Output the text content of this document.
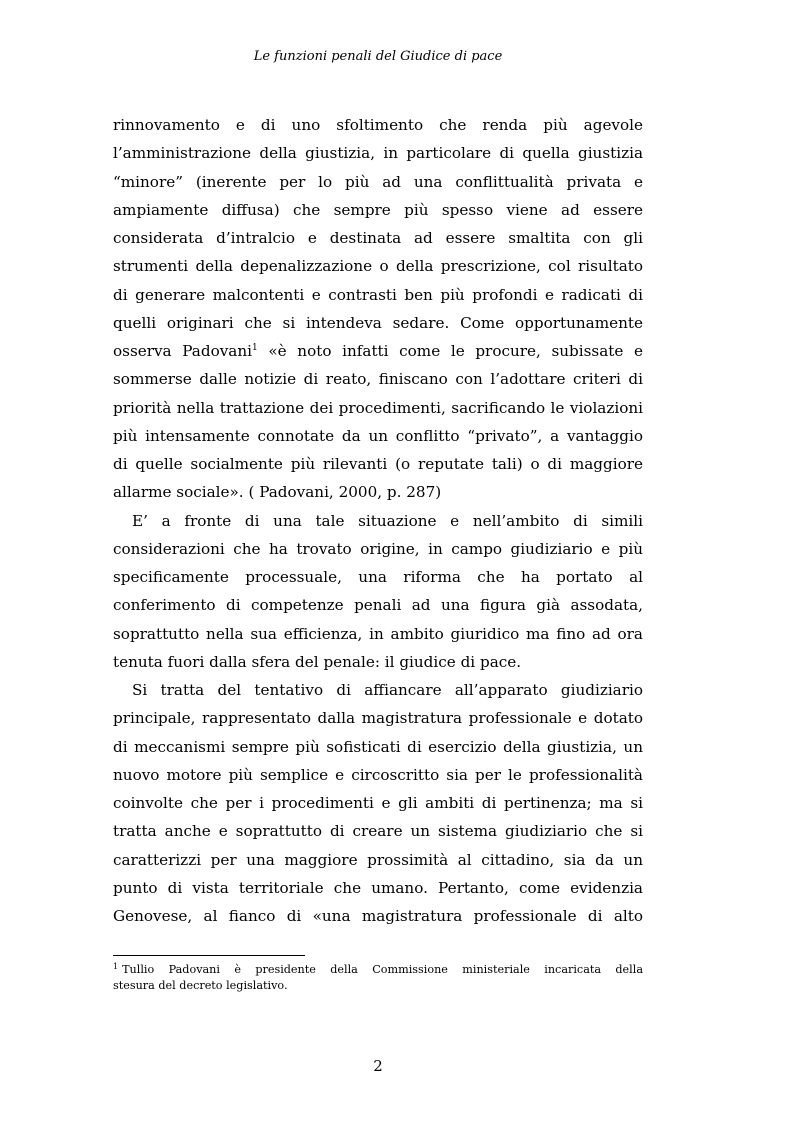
Le funzioni penali del Giudice di pace
rinnovamento e di uno sfoltimento che renda più agevole
l’amministrazione della giustizia, in particolare di quella giustizia
“minore” (inerente per lo più ad una conflittualità privata e
ampiamente diffusa) che sempre più spesso viene ad essere
considerata d’intralcio e destinata ad essere smaltita con gli
strumenti della depenalizzazione o della prescrizione, col risultato
di generare malcontenti e contrasti ben più profondi e radicati di
quelli originari che si intendeva sedare. Come opportunamente
osserva Padovani$^1$ «è noto infatti come le procure, subissate e
sommerse dalle notizie di reato, finiscano con l’adottare criteri di
priorità nella trattazione dei procedimenti, sacrificando le violazioni
più intensamente connotate da un conflitto “privato”, a vantaggio
di quelle socialmente più rilevanti (o reputate tali) o di maggiore
allarme sociale». ( Padovani, 2000, p. 287)
E’ a fronte di una tale situazione e nell’ambito di simili
considerazioni che ha trovato origine, in campo giudiziario e più
specificamente processuale, una riforma che ha portato al
conferimento di competenze penali ad una figura già assodata,
soprattutto nella sua efficienza, in ambito giuridico ma fino ad ora
tenuta fuori dalla sfera del penale: il giudice di pace.
Si tratta del tentativo di affiancare all’apparato giudiziario
principale, rappresentato dalla magistratura professionale e dotato
di meccanismi sempre più sofisticati di esercizio della giustizia, un
nuovo motore più semplice e circoscritto sia per le professionalità
coinvolte che per i procedimenti e gli ambiti di pertinenza; ma si
tratta anche e soprattutto di creare un sistema giudiziario che si
caratterizzi per una maggiore prossimità al cittadino, sia da un
punto di vista territoriale che umano. Pertanto, come evidenzia
Genovese, al fianco di «una magistratura professionale di alto
$^1$ Tullio Padovani è presidente della Commissione ministeriale incaricata della
stesura del decreto legislativo.
2
